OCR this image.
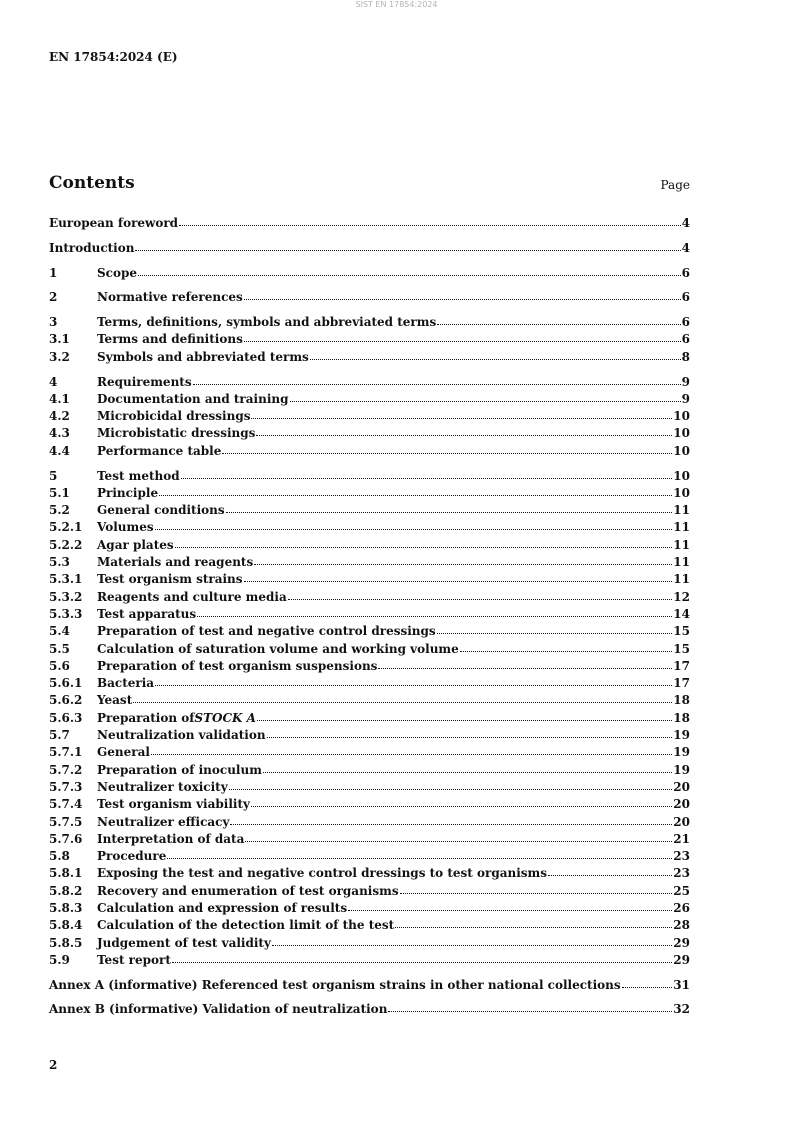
SIST EN 17854:2024
EN 17854:2024 (E)
Contents	Page
European foreword	4
Introduction	4
1	Scope	6
2	Normative references	6
3	Terms, definitions, symbols and abbreviated terms	6
3.1	Terms and definitions	6
3.2	Symbols and abbreviated terms	8
4	Requirements	9
4.1	Documentation and training	9
4.2	Microbicidal dressings	10
4.3	Microbistatic dressings	10
4.4	Performance table	10
5	Test method	10
5.1	Principle	10
5.2	General conditions	11
5.2.1	Volumes	11
5.2.2	Agar plates	11
5.3	Materials and reagents	11
5.3.1	Test organism strains	11
5.3.2	Reagents and culture media	12
5.3.3	Test apparatus	14
5.4	Preparation of test and negative control dressings	15
5.5	Calculation of saturation volume and working volume	15
5.6	Preparation of test organism suspensions	17
5.6.1	Bacteria	17
5.6.2	Yeast	18
5.6.3	Preparation of STOCK A	18
5.7	Neutralization validation	19
5.7.1	General	19
5.7.2	Preparation of inoculum	19
5.7.3	Neutralizer toxicity	20
5.7.4	Test organism viability	20
5.7.5	Neutralizer efficacy	20
5.7.6	Interpretation of data	21
5.8	Procedure	23
5.8.1	Exposing the test and negative control dressings to test organisms	23
5.8.2	Recovery and enumeration of test organisms	25
5.8.3	Calculation and expression of results	26
5.8.4	Calculation of the detection limit of the test	28
5.8.5	Judgement of test validity	29
5.9	Test report	29
Annex A (informative) Referenced test organism strains in other national collections	31
Annex B (informative) Validation of neutralization	32
2
